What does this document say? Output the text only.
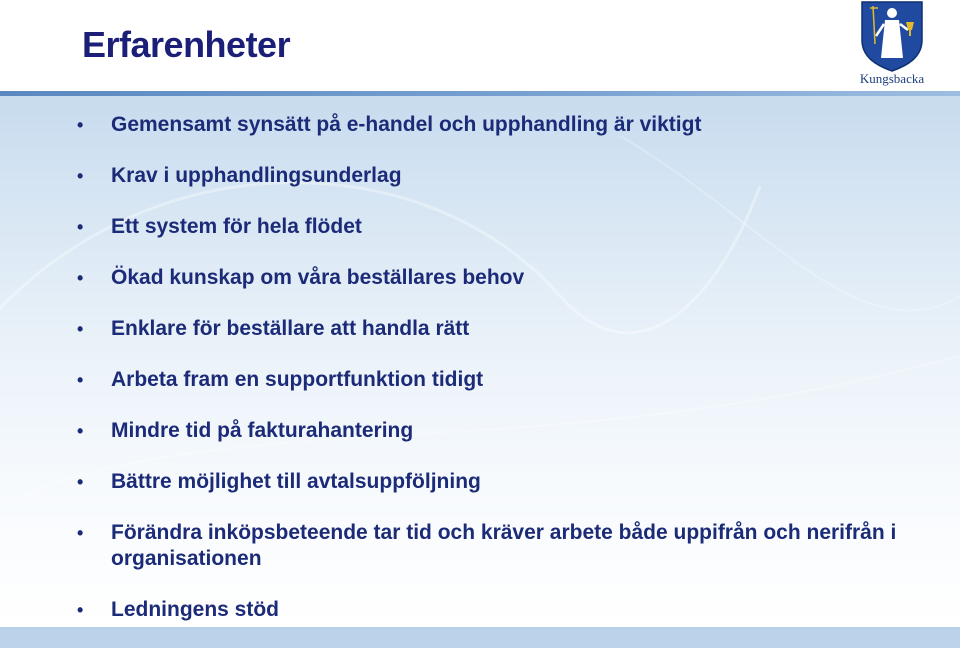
Erfarenheter
Kungsbacka
• Gemensamt synsätt på e-handel och upphandling är viktigt
• Krav i upphandlingsunderlag
• Ett system för hela flödet
• Ökad kunskap om våra beställares behov
• Enklare för beställare att handla rätt
• Arbeta fram en supportfunktion tidigt
• Mindre tid på fakturahantering
• Bättre möjlighet till avtalsuppföljning
• Förändra inköpsbeteende tar tid och kräver arbete både uppifrån och nerifrån i organisationen
• Ledningens stöd
